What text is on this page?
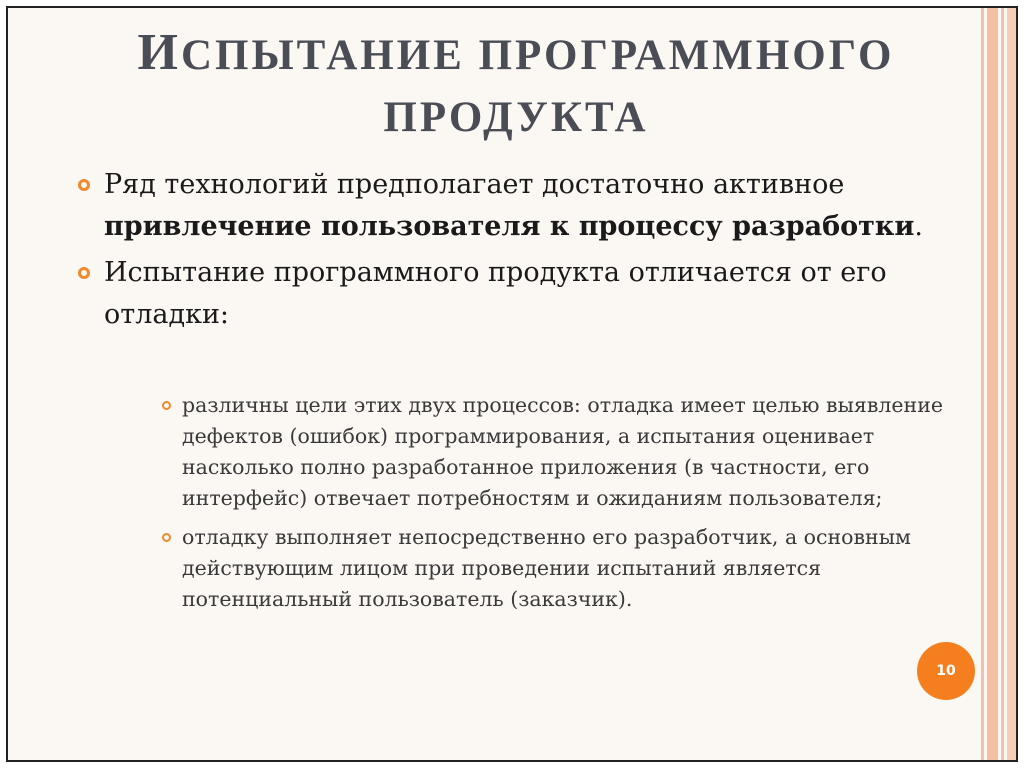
ИСПЫТАНИЕ ПРОГРАММНОГО
ПРОДУКТА
Ряд технологий предполагает достаточно активное привлечение пользователя к процессу разработки.
Испытание программного продукта отличается от его отладки:
различны цели этих двух процессов: отладка имеет целью выявление дефектов (ошибок) программирования, а испытания оценивает насколько полно разработанное приложения (в частности, его интерфейс) отвечает потребностям и ожиданиям пользователя;
отладку выполняет непосредственно его разработчик, а основным действующим лицом при проведении испытаний является потенциальный пользователь (заказчик).
10
